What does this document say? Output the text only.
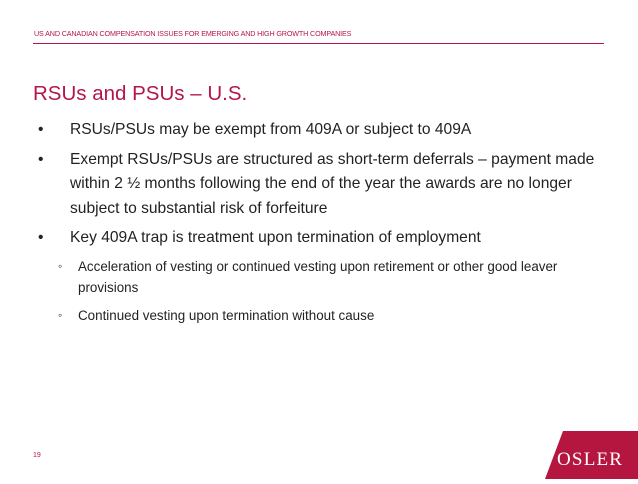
US AND CANADIAN COMPENSATION ISSUES FOR EMERGING AND HIGH GROWTH COMPANIES
RSUs and PSUs – U.S.
• RSUs/PSUs may be exempt from 409A or subject to 409A
• Exempt RSUs/PSUs are structured as short-term deferrals – payment made within 2 ½ months following the end of the year the awards are no longer subject to substantial risk of forfeiture
• Key 409A trap is treatment upon termination of employment
◦ Acceleration of vesting or continued vesting upon retirement or other good leaver provisions
◦ Continued vesting upon termination without cause
19	OSLER
